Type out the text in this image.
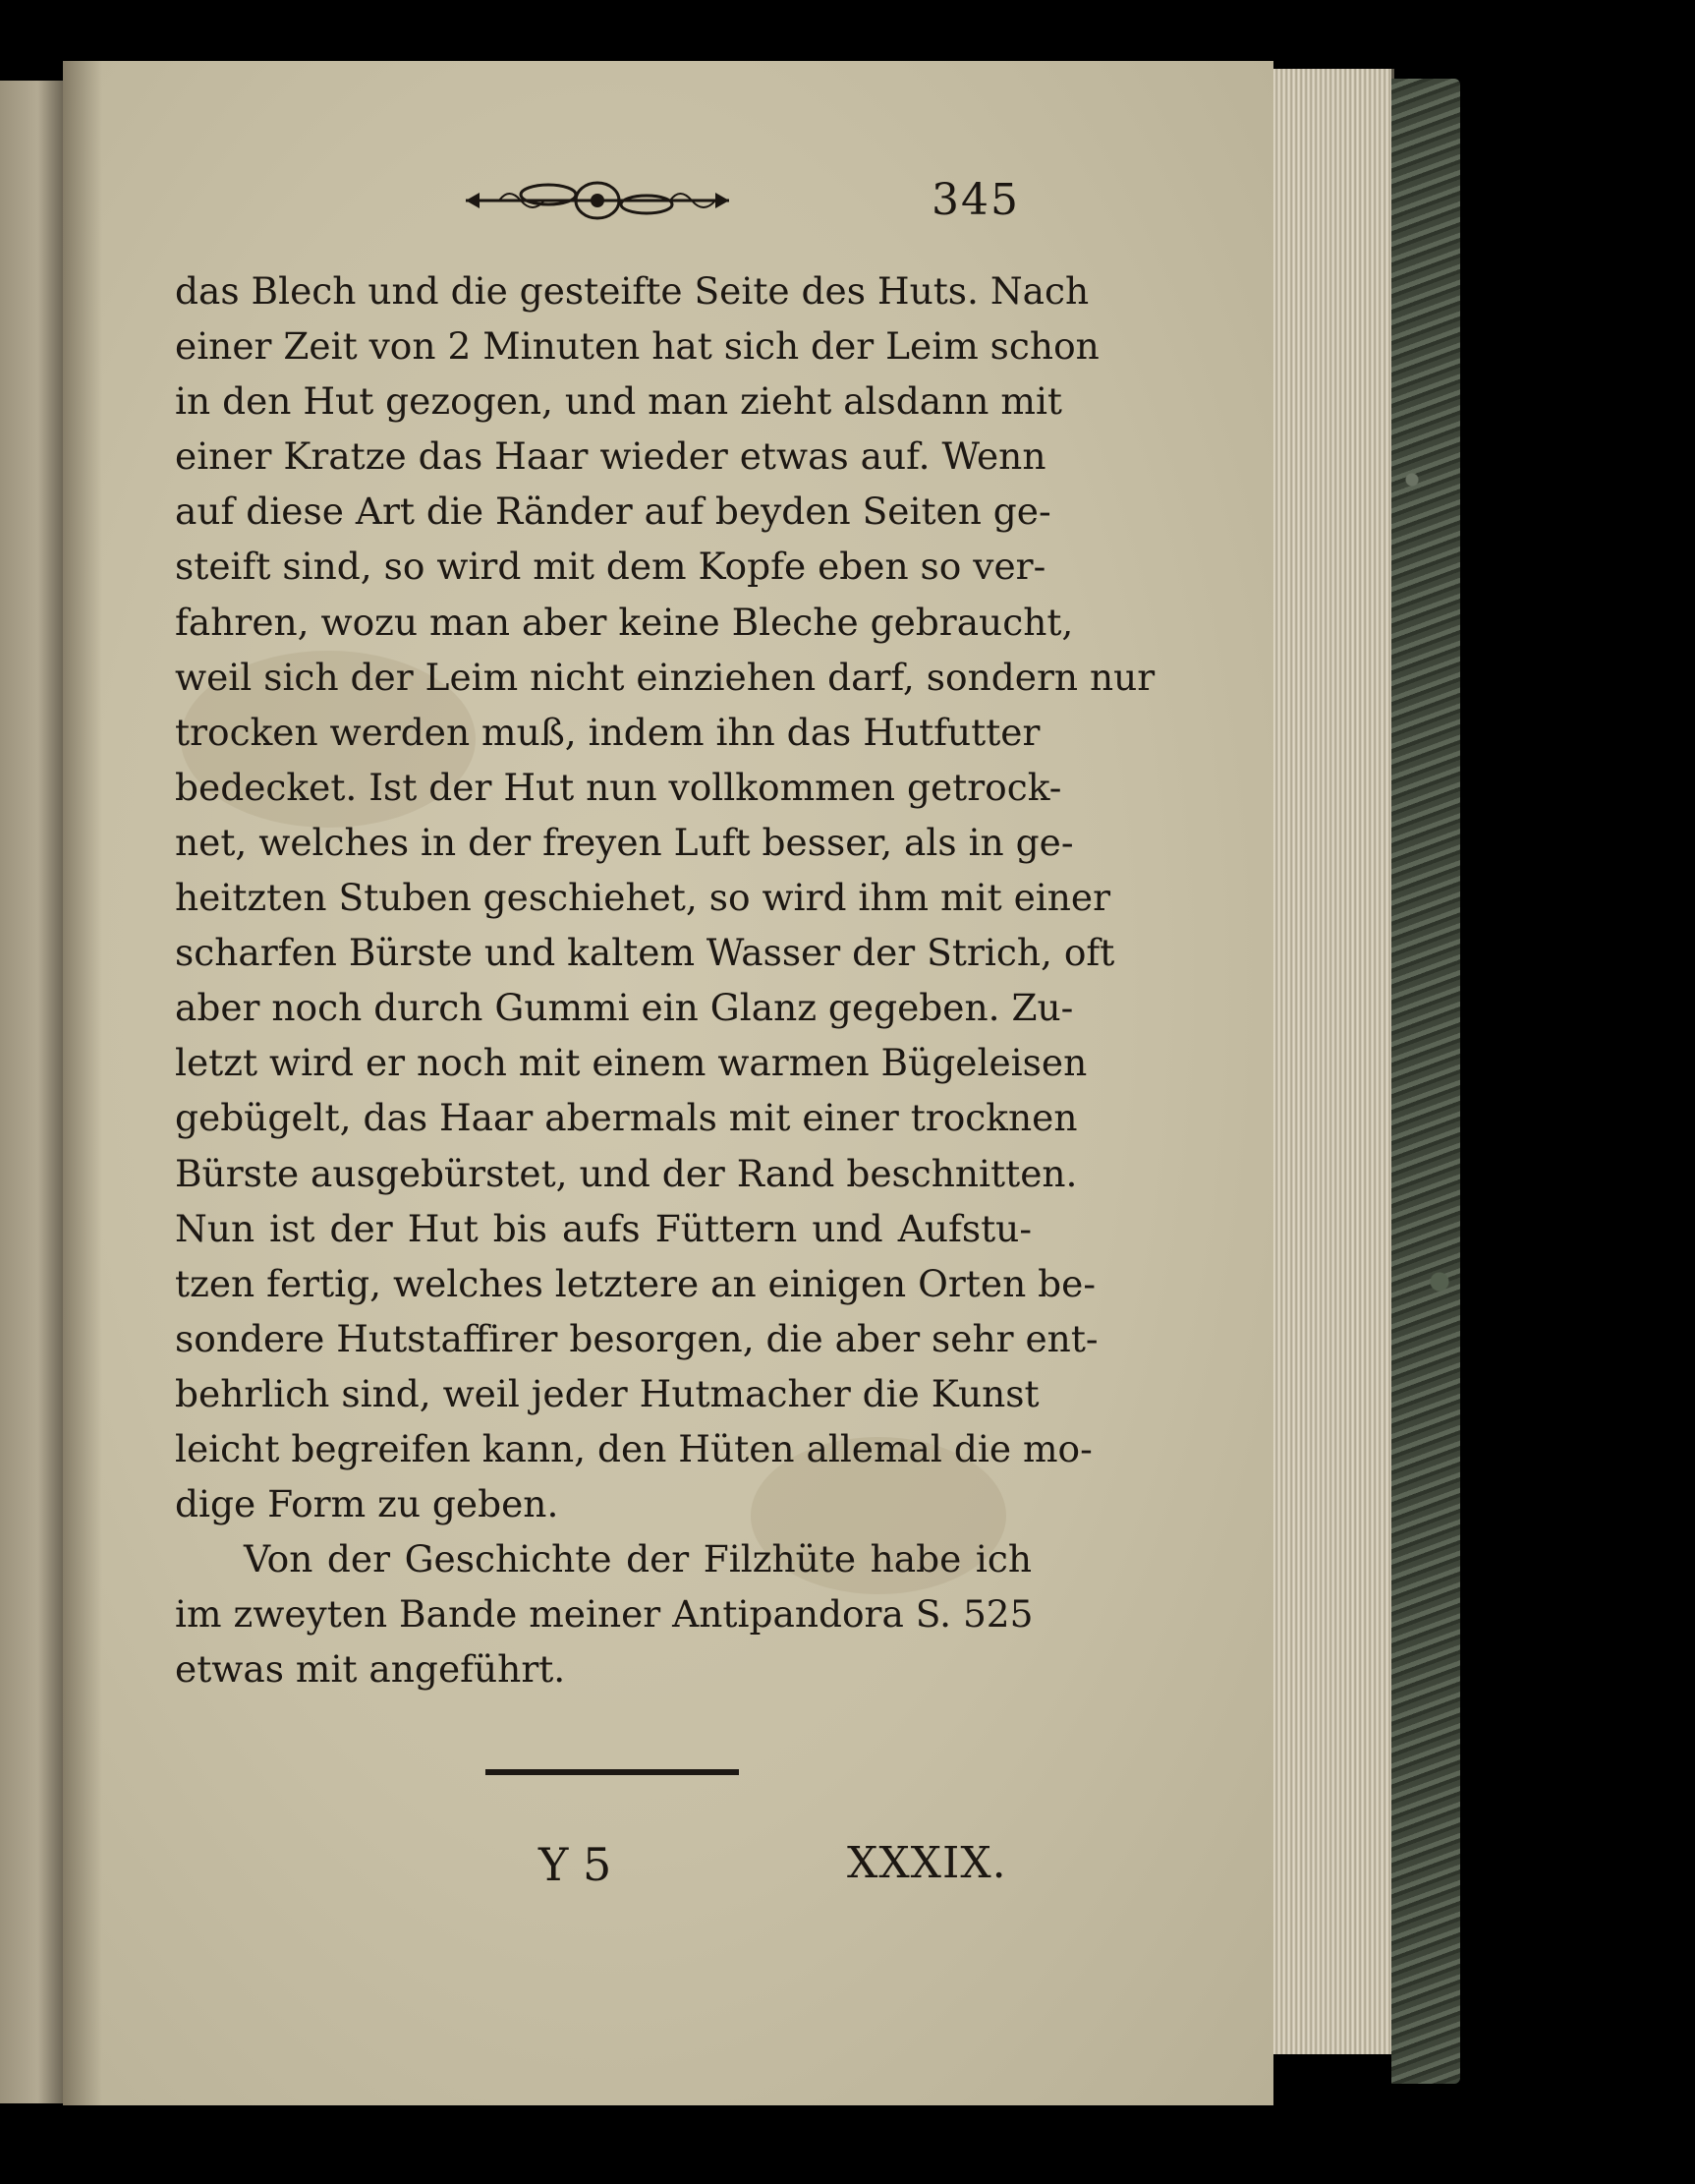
345
das Blech und die gesteifte Seite des Huts. Nach
einer Zeit von 2 Minuten hat sich der Leim schon
in den Hut gezogen, und man zieht alsdann mit
einer Kratze das Haar wieder etwas auf. Wenn
auf diese Art die Ränder auf beyden Seiten ge-
steift sind, so wird mit dem Kopfe eben so ver-
fahren, wozu man aber keine Bleche gebraucht,
weil sich der Leim nicht einziehen darf, sondern nur
trocken werden muß, indem ihn das Hutfutter
bedecket. Ist der Hut nun vollkommen getrock-
net, welches in der freyen Luft besser, als in ge-
heitzten Stuben geschiehet, so wird ihm mit einer
scharfen Bürste und kaltem Wasser der Strich, oft
aber noch durch Gummi ein Glanz gegeben. Zu-
letzt wird er noch mit einem warmen Bügeleisen
gebügelt, das Haar abermals mit einer trocknen
Bürste ausgebürstet, und der Rand beschnitten.
Nun ist der Hut bis aufs Füttern und Aufstu-
tzen fertig, welches letztere an einigen Orten be-
sondere Hutstaffirer besorgen, die aber sehr ent-
behrlich sind, weil jeder Hutmacher die Kunst
leicht begreifen kann, den Hüten allemal die mo-
dige Form zu geben.
Von der Geschichte der Filzhüte habe ich
im zweyten Bande meiner Antipandora S. 525
etwas mit angeführt.
Y 5	XXXIX.
